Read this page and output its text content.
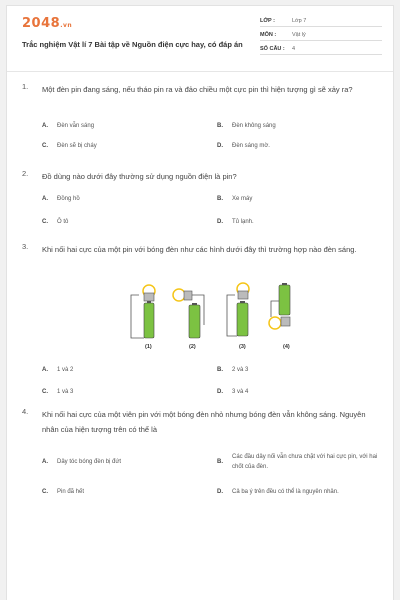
2048.vn
Trắc nghiệm Vật lí 7 Bài tập về Nguồn điện cực hay, có đáp án
LỚP :	Lớp 7
MÔN :	Vật lý
SỐ CÂU : 4
1. Một đèn pin đang sáng, nếu tháo pin ra và đảo chiều một cực pin thì hiện tượng gì sẽ xảy ra?
A. Đèn vẫn sáng	B. Đèn không sáng
C. Đèn sẽ bị cháy	D. Đèn sáng mờ.
2. Đồ dùng nào dưới đây thường sử dụng nguồn điện là pin?
A. Đồng hồ	B. Xe máy
C. Ô tô	D. Tủ lạnh.
3. Khi nối hai cực của một pin với bóng đèn như các hình dưới đây thì trường hợp nào đèn sáng.
A. 1 và 2	B. 2 và 3
C. 1 và 3	D. 3 và 4
(1)	(2)	(3)	(4)
4. Khi nối hai cực của một viên pin với một bóng đèn nhỏ nhưng bóng đèn vẫn không sáng. Nguyên nhân của hiện tượng trên có thể là
A. Dây tóc bóng đèn bị đứt	B.
Các đầu dây nối vẫn chưa chặt với hai cực pin, với hai chốt của đèn.
C. Pin đã hết	D. Cả ba ý trên đều có thể là nguyên nhân.
